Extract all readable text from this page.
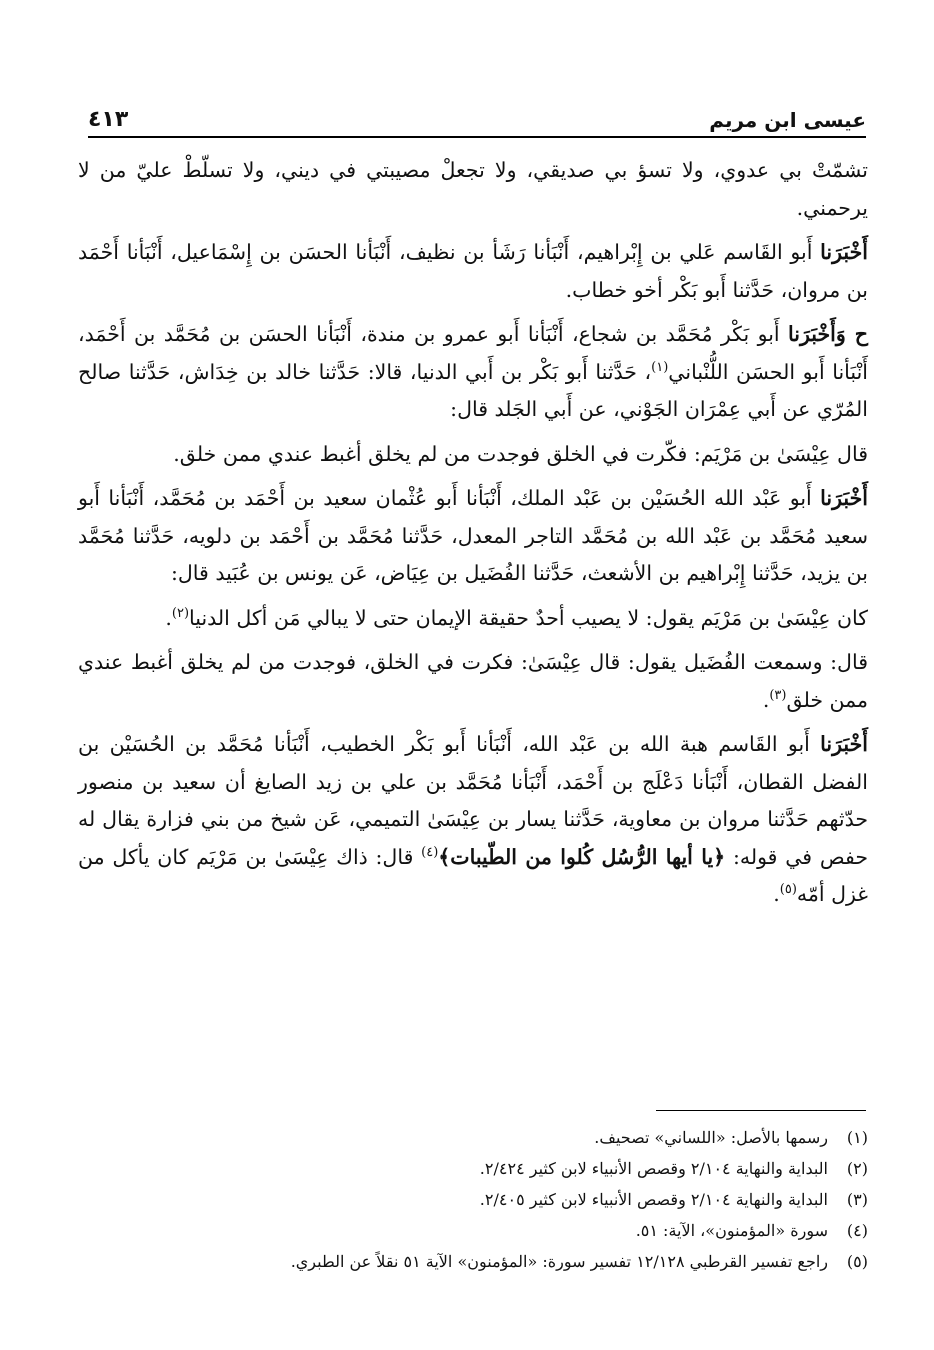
عيسى ابن مريم
٤١٣

تشمّتْ بي عدوي، ولا تسؤ بي صديقي، ولا تجعلْ مصيبتي في ديني، ولا تسلّطْ عليّ من لا يرحمني.

أَخْبَرَنا أَبو القَاسم عَلي بن إِبْراهيم، أَنْبَأنا رَشَأ بن نظيف، أَنْبَأنا الحسَن بن إِسْمَاعيل، أَنْبَأنا أَحْمَد بن مروان، حَدَّثنا أَبو بَكْر أخو خطاب.

ح وَأَخْبَرَنا أَبو بَكْر مُحَمَّد بن شجاع، أَنْبَأنا أَبو عمرو بن مندة، أَنْبَأنا الحسَن بن مُحَمَّد بن أَحْمَد، أَنْبَأنا أَبو الحسَن اللُّنْباني$^{(١)}$، حَدَّثنا أَبو بَكْر بن أَبي الدنيا، قالا: حَدَّثنا خالد بن خِدَاش، حَدَّثنا صالح المُرّي عن أَبي عِمْرَان الجَوْني، عن أَبي الجَلد قال:

قال عِيْسَىٰ بن مَرْيَم: فكّرت في الخلق فوجدت من لم يخلق أغبط عندي ممن خلق.

أَخْبَرَنا أَبو عَبْد الله الحُسَيْن بن عَبْد الملك، أَنْبَأنا أَبو عُثْمان سعيد بن أَحْمَد بن مُحَمَّد، أَنْبَأنا أَبو سعيد مُحَمَّد بن عَبْد الله بن مُحَمَّد التاجر المعدل، حَدَّثنا مُحَمَّد بن أَحْمَد بن دلويه، حَدَّثنا مُحَمَّد بن يزيد، حَدَّثنا إِبْراهيم بن الأشعث، حَدَّثنا الفُضَيل بن عِيَاض، عَن يونس بن عُبَيد قال:

كان عِيْسَىٰ بن مَرْيَم يقول: لا يصيب أحدٌ حقيقة الإيمان حتى لا يبالي مَن أكل الدنيا$^{(٢)}$.

قال: وسمعت الفُضَيل يقول: قال عِيْسَىٰ: فكرت في الخلق، فوجدت من لم يخلق أغبط عندي ممن خلق$^{(٣)}$.

أَخْبَرَنا أَبو القَاسم هبة الله بن عَبْد الله، أَنْبَأنا أَبو بَكْر الخطيب، أَنْبَأنا مُحَمَّد بن الحُسَيْن بن الفضل القطان، أَنْبَأنا دَعْلَج بن أَحْمَد، أَنْبَأنا مُحَمَّد بن علي بن زيد الصايغ أن سعيد بن منصور حدّثهم حَدَّثنا مروان بن معاوية، حَدَّثنا يسار بن عِيْسَىٰ التميمي، عَن شيخ من بني فزارة يقال له حفص في قوله: ﴿يا أيها الرُّسُل كُلوا من الطّيبات﴾$^{(٤)}$ قال: ذاك عِيْسَىٰ بن مَرْيَم كان يأكل من غزل أمّه$^{(٥)}$.

(١)
رسمها بالأصل: «اللساني» تصحيف.
(٢)
البداية والنهاية ٢/١٠٤ وقصص الأنبياء لابن كثير ٢/٤٢٤.
(٣)
البداية والنهاية ٢/١٠٤ وقصص الأنبياء لابن كثير ٢/٤٠٥.
(٤)
سورة «المؤمنون»، الآية: ٥١.
(٥)
راجع تفسير القرطبي ١٢/١٢٨ تفسير سورة: «المؤمنون» الآية ٥١ نقلاً عن الطبري.
